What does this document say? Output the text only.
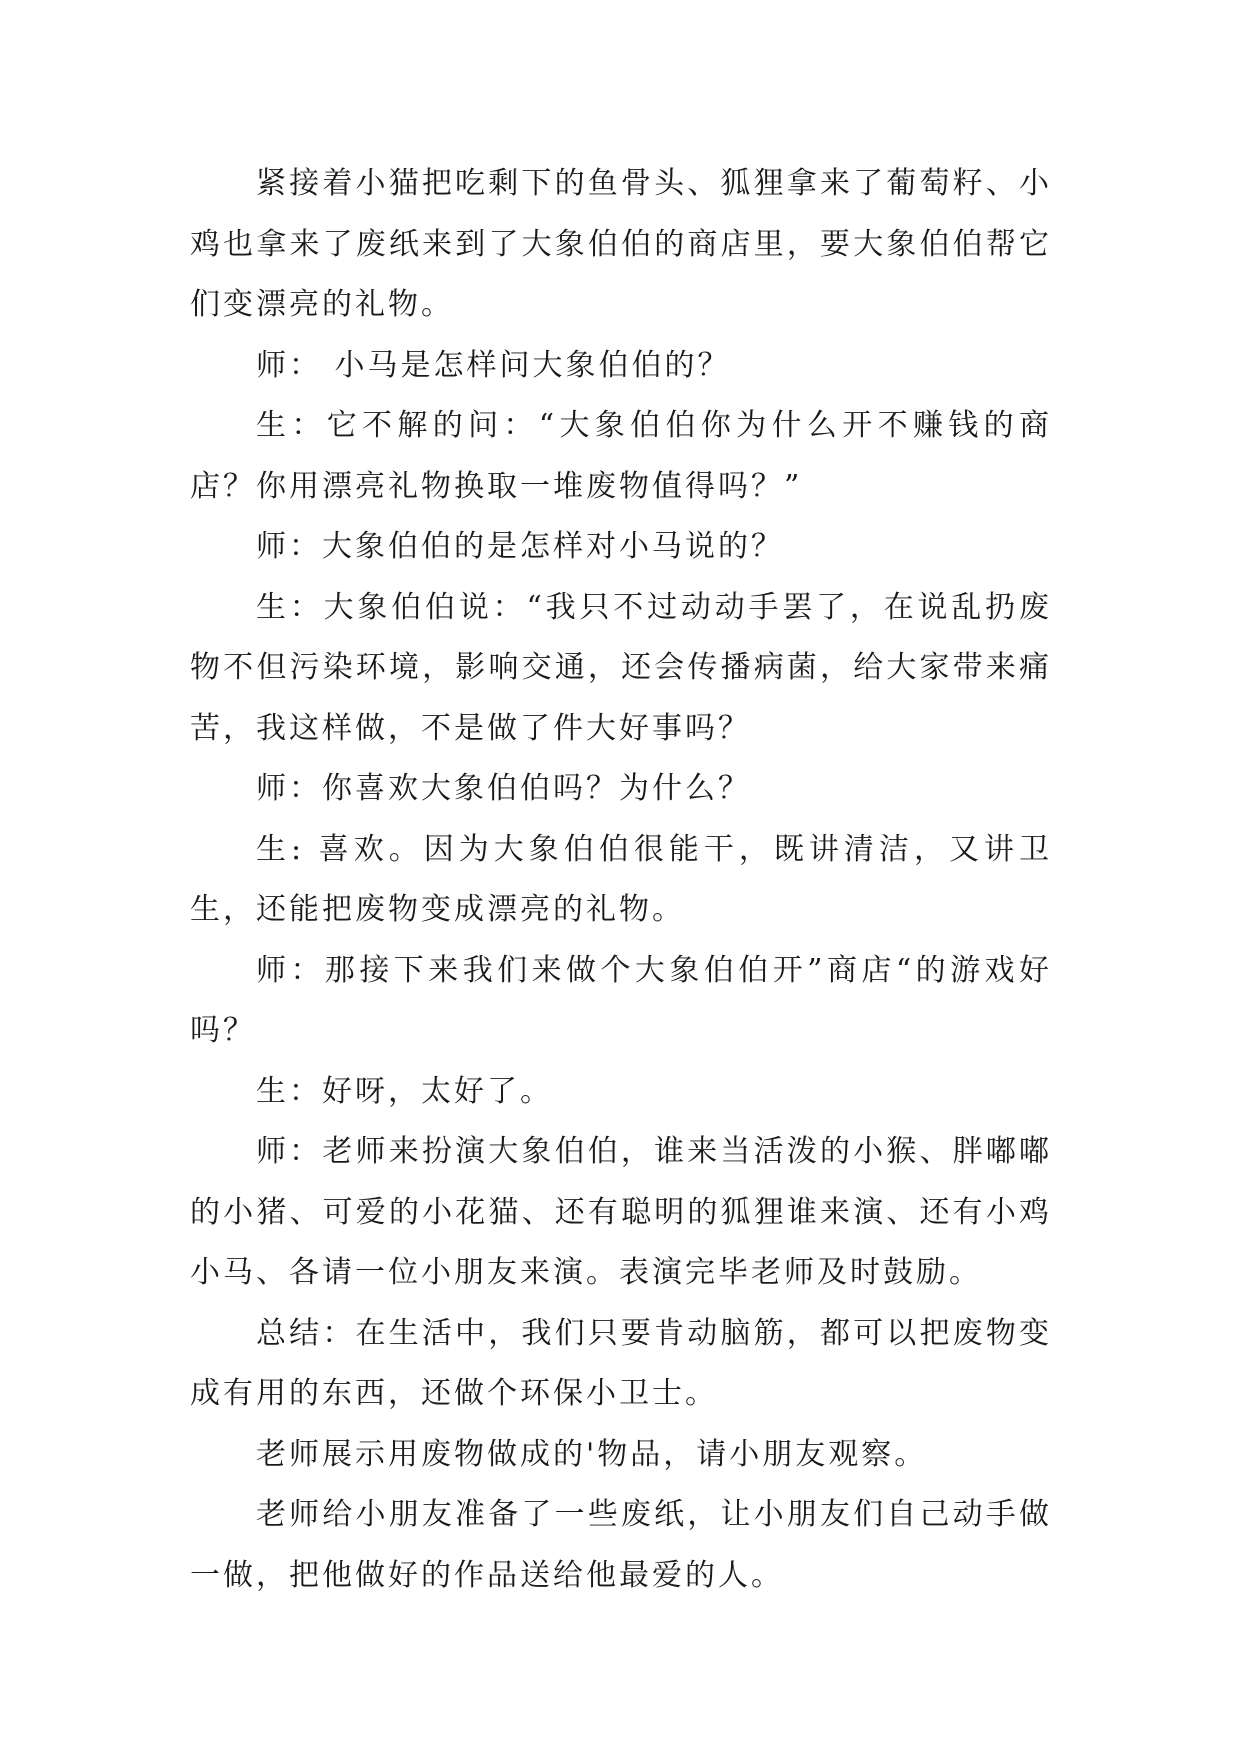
紧接着小猫把吃剩下的鱼骨头、狐狸拿来了葡萄籽、小鸡也拿来了废纸来到了大象伯伯的商店里，要大象伯伯帮它们变漂亮的礼物。

师： 小马是怎样问大象伯伯的？

生：它不解的问：“大象伯伯你为什么开不赚钱的商店？你用漂亮礼物换取一堆废物值得吗？”

师：大象伯伯的是怎样对小马说的？

生：大象伯伯说：“我只不过动动手罢了，在说乱扔废物不但污染环境，影响交通，还会传播病菌，给大家带来痛苦，我这样做，不是做了件大好事吗？

师：你喜欢大象伯伯吗？为什么？

生: 喜欢。因为大象伯伯很能干，既讲清洁，又讲卫生，还能把废物变成漂亮的礼物。

师：那接下来我们来做个大象伯伯开”商店“的游戏好吗？

生：好呀，太好了。

师：老师来扮演大象伯伯，谁来当活泼的小猴、胖嘟嘟的小猪、可爱的小花猫、还有聪明的狐狸谁来演、还有小鸡小马、各请一位小朋友来演。表演完毕老师及时鼓励。

总结：在生活中，我们只要肯动脑筋，都可以把废物变成有用的东西，还做个环保小卫士。

老师展示用废物做成的'物品，请小朋友观察。

老师给小朋友准备了一些废纸，让小朋友们自己动手做一做，把他做好的作品送给他最爱的人。
